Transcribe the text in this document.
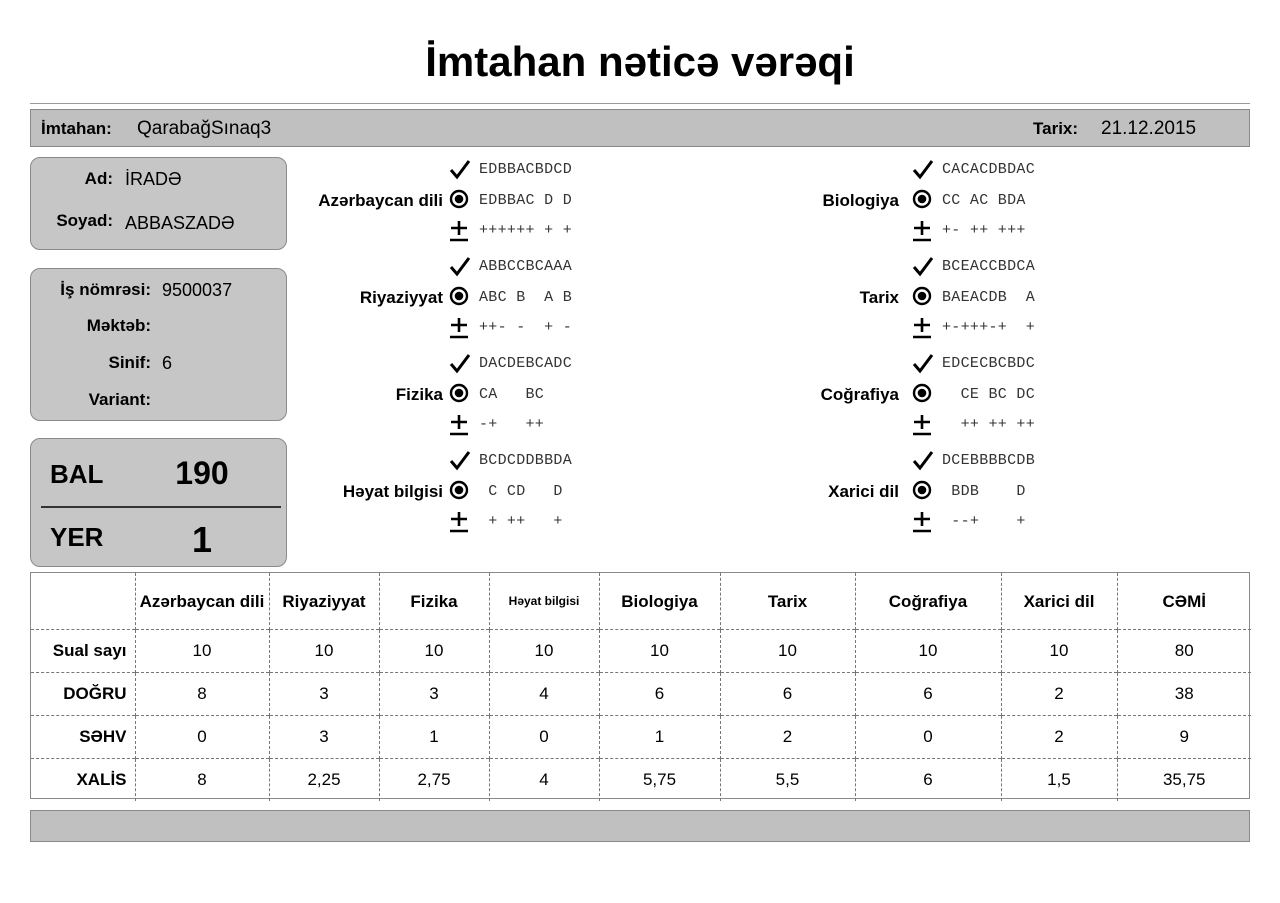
İmtahan nəticə vərəqi
İmtahan: QarabağSınaq3	Tarix: 21.12.2015
Ad: İRADƏ
Soyad: ABBASZADƏ
İş nömrəsi: 9500037
Məktəb:
Sinif: 6
Variant:
BAL	190
YER	1
Azərbaycan dili
EDBBACBDCD
EDBBAC D D
++++++ + +
Riyaziyyat
ABBCCBCAAA
ABC B  A B
++- -  + -
Fizika
DACDEBCADC
CA   BC
-+   ++
Həyat bilgisi
BCDCDDBBDA
C CD   D
+ ++   +
Biologiya
CACACDBDAC
CC AC BDA
+- ++ +++
Tarix
BCEACCBDCA
BAEACDB  A
+-+++-+  +
Coğrafiya
EDCECBCBDC
CE BC DC
++ ++ ++
Xarici dil
DCEBBBBCDB
BDB    D
--+    +
	Azərbaycan dili	Riyaziyyat	Fizika	Həyat bilgisi	Biologiya	Tarix	Coğrafiya	Xarici dil	CƏMİ
Sual sayı	10	10	10	10	10	10	10	10	80
DOĞRU	8	3	3	4	6	6	6	2	38
SƏHV	0	3	1	0	1	2	0	2	9
XALİS	8	2,25	2,75	4	5,75	5,5	6	1,5	35,75
